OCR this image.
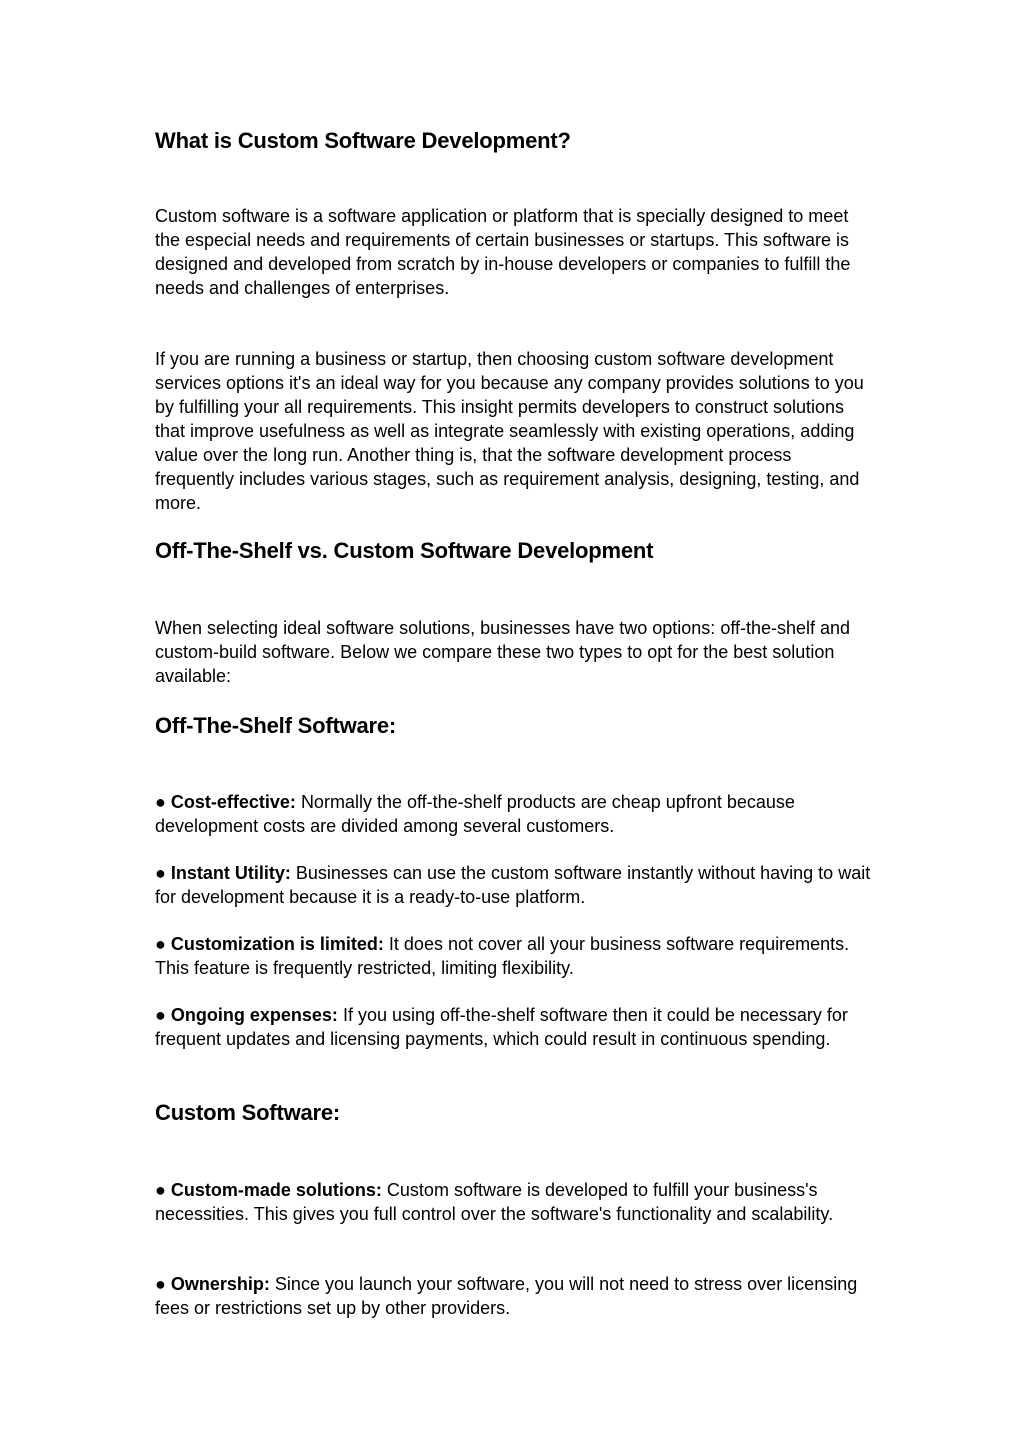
What is Custom Software Development?

Custom software is a software application or platform that is specially designed to meet the especial needs and requirements of certain businesses or startups. This software is designed and developed from scratch by in-house developers or companies to fulfill the needs and challenges of enterprises.

If you are running a business or startup, then choosing custom software development services options it's an ideal way for you because any company provides solutions to you by fulfilling your all requirements. This insight permits developers to construct solutions that improve usefulness as well as integrate seamlessly with existing operations, adding value over the long run. Another thing is, that the software development process frequently includes various stages, such as requirement analysis, designing, testing, and more.

Off-The-Shelf vs. Custom Software Development

When selecting ideal software solutions, businesses have two options: off-the-shelf and custom-build software. Below we compare these two types to opt for the best solution available:

Off-The-Shelf Software:

● Cost-effective: Normally the off-the-shelf products are cheap upfront because development costs are divided among several customers.

● Instant Utility: Businesses can use the custom software instantly without having to wait for development because it is a ready-to-use platform.

● Customization is limited: It does not cover all your business software requirements. This feature is frequently restricted, limiting flexibility.

● Ongoing expenses: If you using off-the-shelf software then it could be necessary for frequent updates and licensing payments, which could result in continuous spending.

Custom Software:

● Custom-made solutions: Custom software is developed to fulfill your business's necessities. This gives you full control over the software's functionality and scalability.

● Ownership: Since you launch your software, you will not need to stress over licensing fees or restrictions set up by other providers.
